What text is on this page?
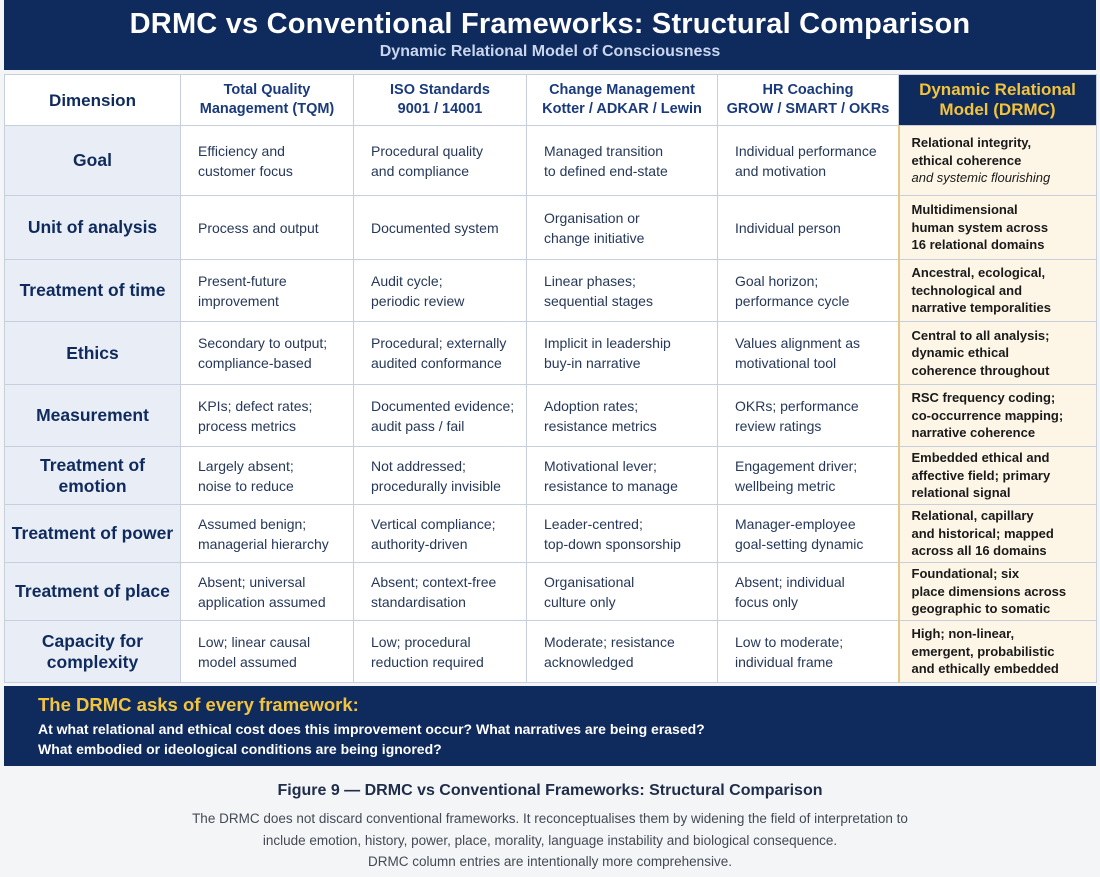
DRMC vs Conventional Frameworks: Structural Comparison
Dynamic Relational Model of Consciousness
Dimension	Total Quality
Management (TQM)	ISO Standards
9001 / 14001	Change Management
Kotter / ADKAR / Lewin	HR Coaching
GROW / SMART / OKRs	Dynamic Relational
Model (DRMC)

Goal	Efficiency and
customer focus	Procedural quality
and compliance	Managed transition
to defined end-state	Individual performance
and motivation	Relational integrity,
ethical coherence
and systemic flourishing

Unit of analysis	Process and output	Documented system	Organisation or
change initiative	Individual person	Multidimensional
human system across
16 relational domains

Treatment of time	Present-future
improvement	Audit cycle;
periodic review	Linear phases;
sequential stages	Goal horizon;
performance cycle	Ancestral, ecological,
technological and
narrative temporalities

Ethics	Secondary to output;
compliance-based	Procedural; externally
audited conformance	Implicit in leadership
buy-in narrative	Values alignment as
motivational tool	Central to all analysis;
dynamic ethical
coherence throughout

Measurement	KPIs; defect rates;
process metrics	Documented evidence;
audit pass / fail	Adoption rates;
resistance metrics	OKRs; performance
review ratings	RSC frequency coding;
co-occurrence mapping;
narrative coherence

Treatment of emotion	Largely absent;
noise to reduce	Not addressed;
procedurally invisible	Motivational lever;
resistance to manage	Engagement driver;
wellbeing metric	Embedded ethical and
affective field; primary
relational signal

Treatment of power	Assumed benign;
managerial hierarchy	Vertical compliance;
authority-driven	Leader-centred;
top-down sponsorship	Manager-employee
goal-setting dynamic	Relational, capillary
and historical; mapped
across all 16 domains

Treatment of place	Absent; universal
application assumed	Absent; context-free
standardisation	Organisational
culture only	Absent; individual
focus only	Foundational; six
place dimensions across
geographic to somatic

Capacity for complexity	Low; linear causal
model assumed	Low; procedural
reduction required	Moderate; resistance
acknowledged	Low to moderate;
individual frame	High; non-linear,
emergent, probabilistic
and ethically embedded
The DRMC asks of every framework:
At what relational and ethical cost does this improvement occur? What narratives are being erased?
What embodied or ideological conditions are being ignored?
Figure 9 — DRMC vs Conventional Frameworks: Structural Comparison
The DRMC does not discard conventional frameworks. It reconceptualises them by widening the field of interpretation to
include emotion, history, power, place, morality, language instability and biological consequence.
DRMC column entries are intentionally more comprehensive.
